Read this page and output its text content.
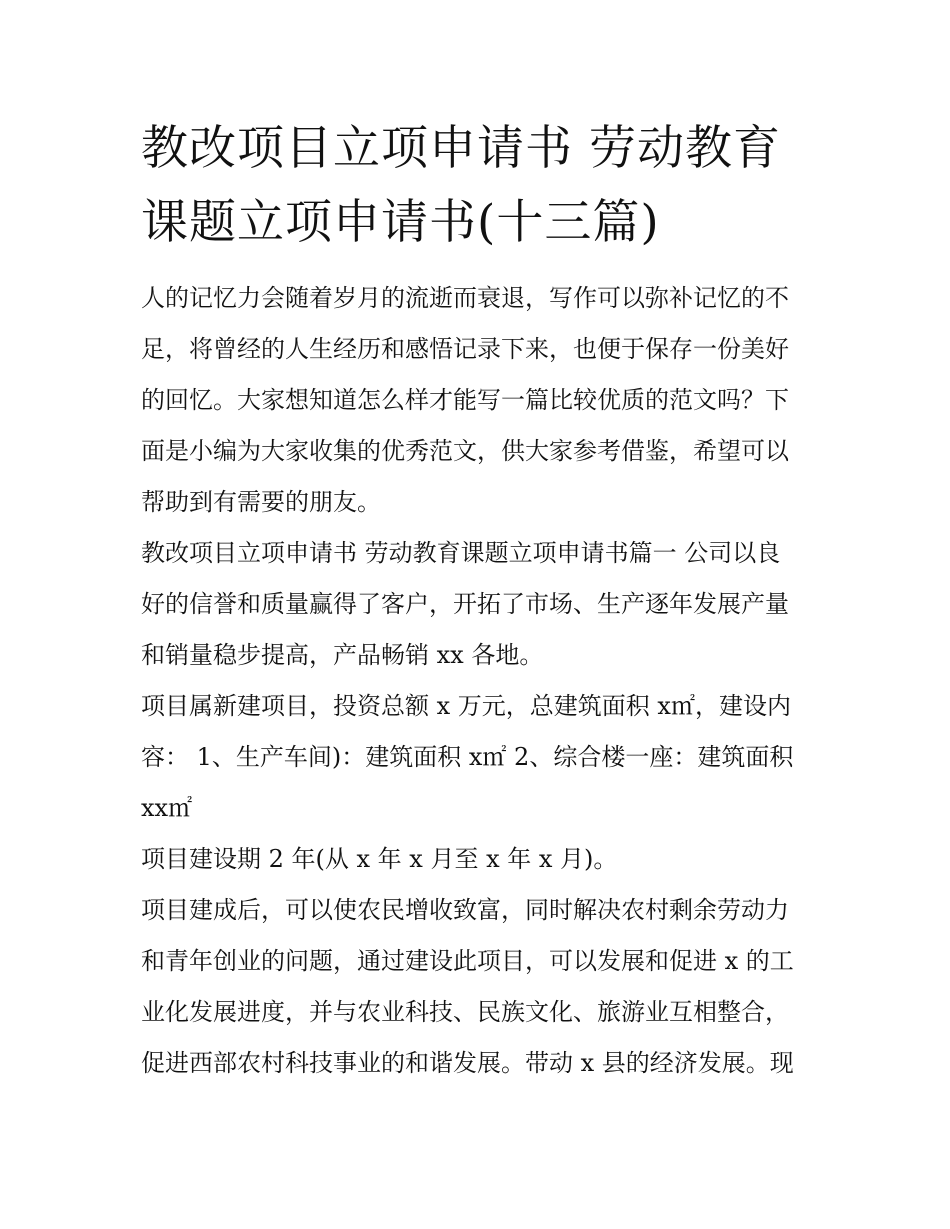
教改项目立项申请书 劳动教育
课题立项申请书(十三篇)

人的记忆力会随着岁月的流逝而衰退，写作可以弥补记忆的不
足，将曾经的人生经历和感悟记录下来，也便于保存一份美好
的回忆。大家想知道怎么样才能写一篇比较优质的范文吗？下
面是小编为大家收集的优秀范文，供大家参考借鉴，希望可以
帮助到有需要的朋友。

教改项目立项申请书 劳动教育课题立项申请书篇一 公司以良
好的信誉和质量赢得了客户，开拓了市场、生产逐年发展产量
和销量稳步提高，产品畅销 xx 各地。

项目属新建项目，投资总额 x 万元，总建筑面积 x㎡，建设内
容： 1、生产车间)：建筑面积 x㎡ 2、综合楼一座：建筑面积
xx㎡

项目建设期 2 年(从 x 年 x 月至 x 年 x 月)。

项目建成后，可以使农民增收致富，同时解决农村剩余劳动力
和青年创业的问题，通过建设此项目，可以发展和促进 x 的工
业化发展进度，并与农业科技、民族文化、旅游业互相整合，
促进西部农村科技事业的和谐发展。带动 x 县的经济发展。现
